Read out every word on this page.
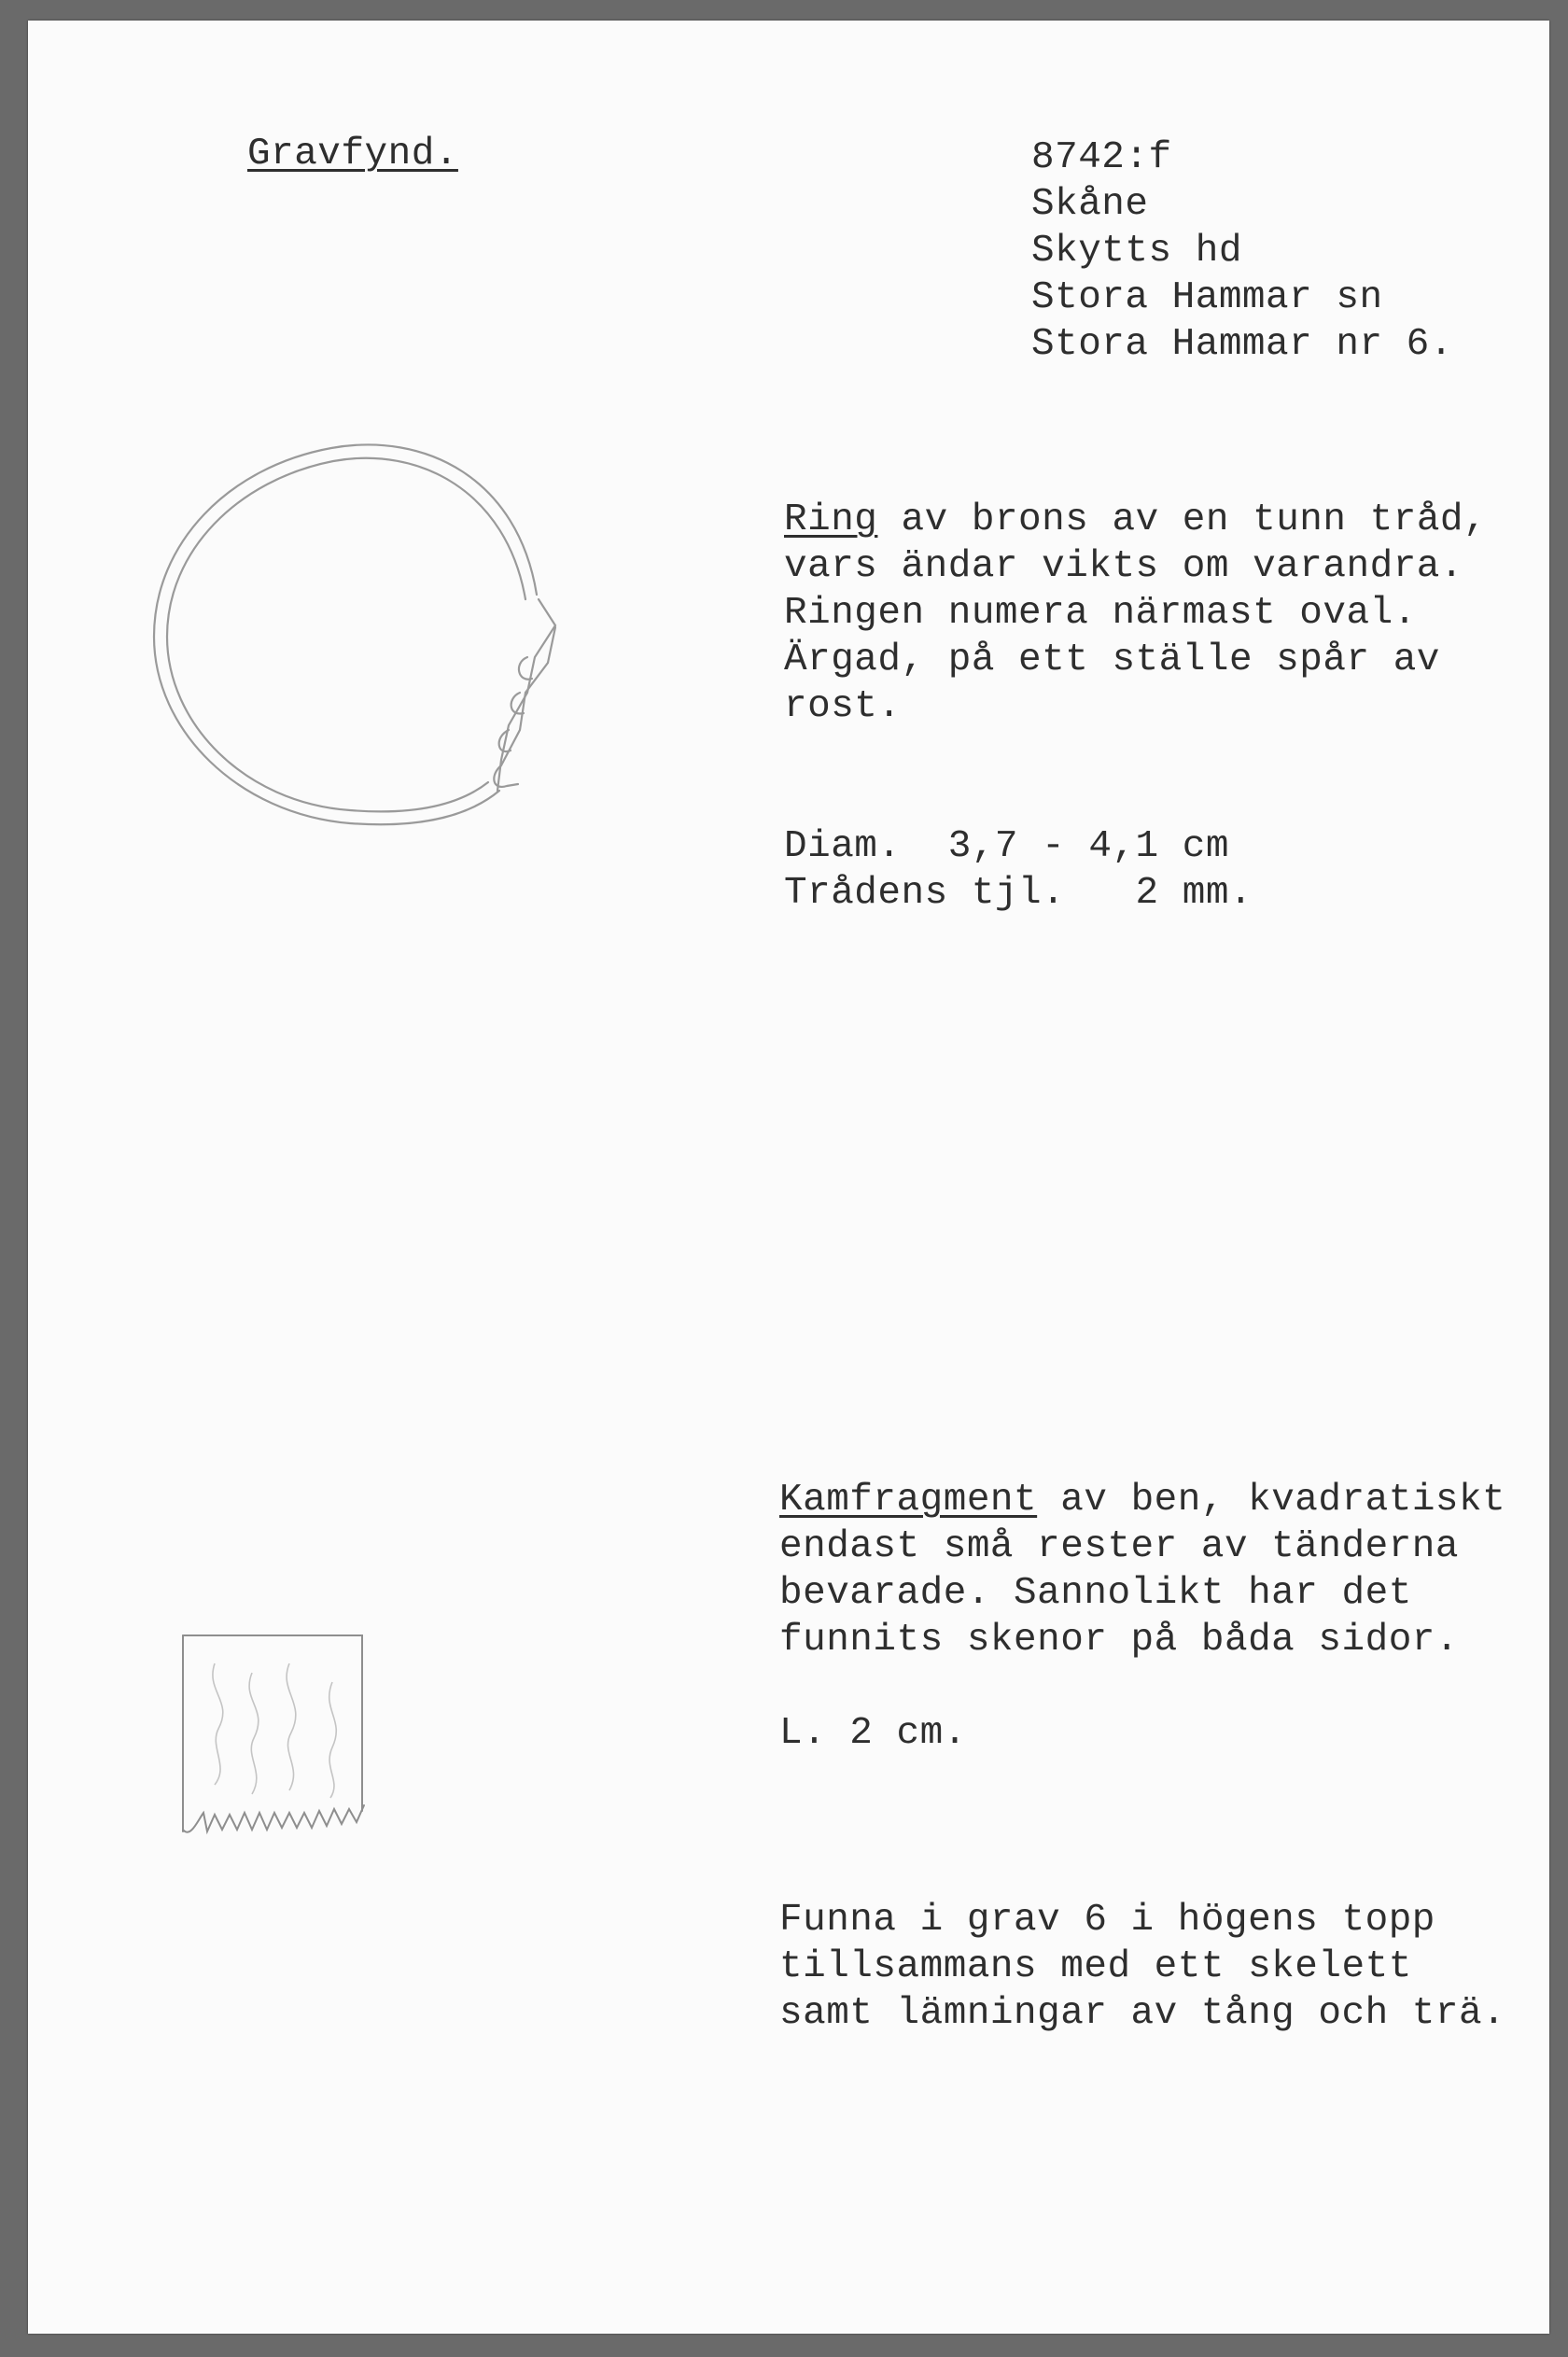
Gravfynd.	8742:f
Skåne
Skytts hd
Stora Hammar sn
Stora Hammar nr 6.
Ring av brons av en tunn tråd,
vars ändar vikts om varandra.
Ringen numera närmast oval.
Ärgad, på ett ställe spår av
rost.
Diam.  3,7 - 4,1 cm
Trådens tjl.   2 mm.
Kamfragment av ben, kvadratiskt
endast små rester av tänderna
bevarade. Sannolikt har det
funnits skenor på båda sidor.
L. 2 cm.
Funna i grav 6 i högens topp
tillsammans med ett skelett
samt lämningar av tång och trä.
